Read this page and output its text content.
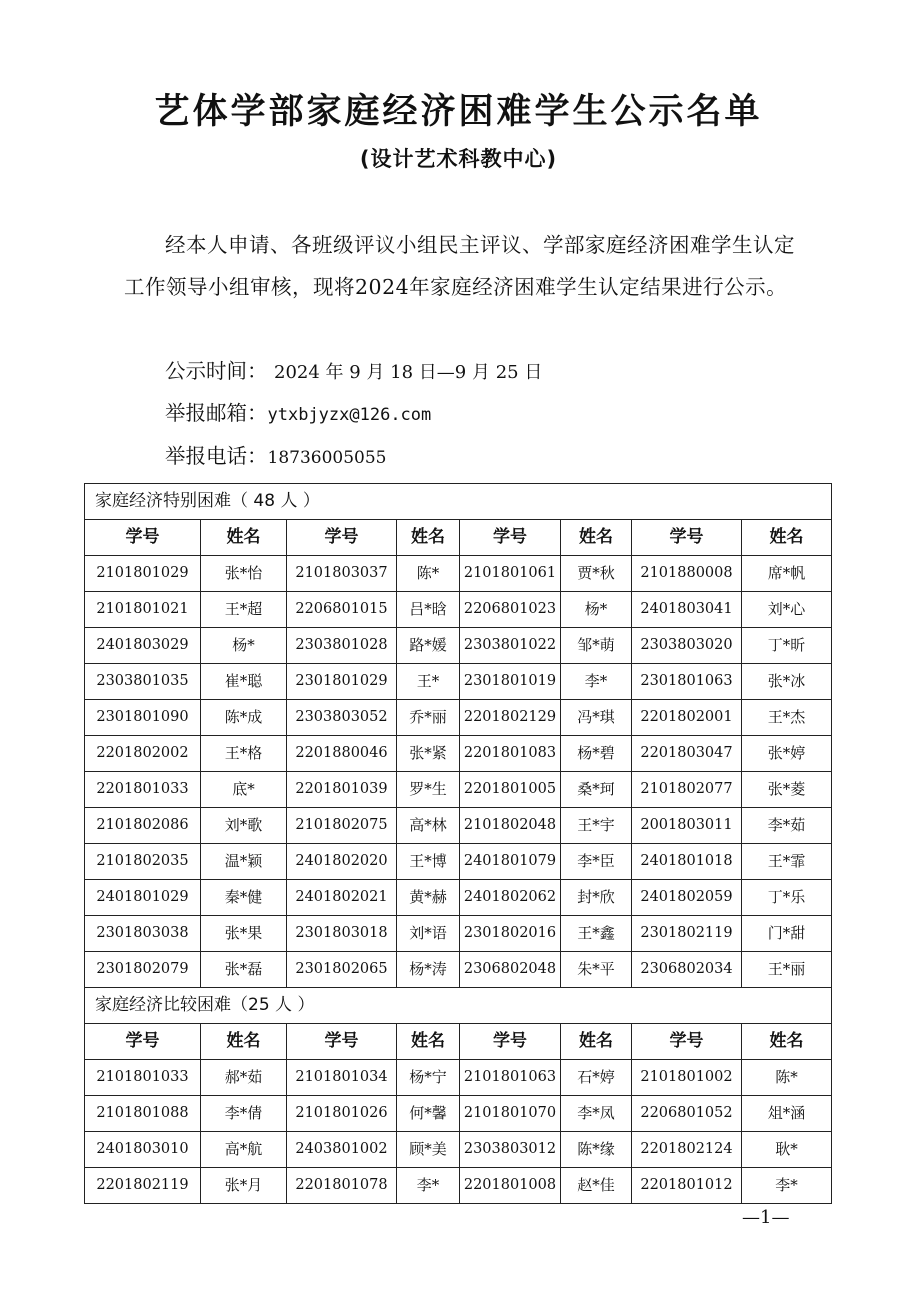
艺体学部家庭经济困难学生公示名单
(设计艺术科教中心)
经本人申请、各班级评议小组民主评议、学部家庭经济困难学生认定工作领导小组审核，现将2024年家庭经济困难学生认定结果进行公示。
公示时间： 2024 年 9 月 18 日—9 月 25 日
举报邮箱：ytxbjyzx@126.com
举报电话：18736005055
家庭经济特别困难（ 48 人 ）							
学号	姓名	学号	姓名	学号	姓名	学号	姓名
2101801029	张*怡	2101803037	陈*	2101801061	贾*秋	2101880008	席*帆
2101801021	王*超	2206801015	吕*晗	2206801023	杨*	2401803041	刘*心
2401803029	杨*	2303801028	路*媛	2303801022	邹*萌	2303803020	丁*昕
2303801035	崔*聪	2301801029	王*	2301801019	李*	2301801063	张*冰
2301801090	陈*成	2303803052	乔*丽	2201802129	冯*琪	2201802001	王*杰
2201802002	王*格	2201880046	张*紧	2201801083	杨*碧	2201803047	张*婷
2201801033	底*	2201801039	罗*生	2201801005	桑*珂	2101802077	张*菱
2101802086	刘*歌	2101802075	高*林	2101802048	王*宇	2001803011	李*茹
2101802035	温*颖	2401802020	王*博	2401801079	李*臣	2401801018	王*霏
2401801029	秦*健	2401802021	黄*赫	2401802062	封*欣	2401802059	丁*乐
2301803038	张*果	2301803018	刘*语	2301802016	王*鑫	2301802119	门*甜
2301802079	张*磊	2301802065	杨*涛	2306802048	朱*平	2306802034	王*丽
家庭经济比较困难（25 人 ）							
学号	姓名	学号	姓名	学号	姓名	学号	姓名
2101801033	郝*茹	2101801034	杨*宁	2101801063	石*婷	2101801002	陈*
2101801088	李*倩	2101801026	何*馨	2101801070	李*凤	2206801052	俎*涵
2401803010	高*航	2403801002	顾*美	2303803012	陈*缘	2201802124	耿*
2201802119	张*月	2201801078	李*	2201801008	赵*佳	2201801012	李*
—1—
